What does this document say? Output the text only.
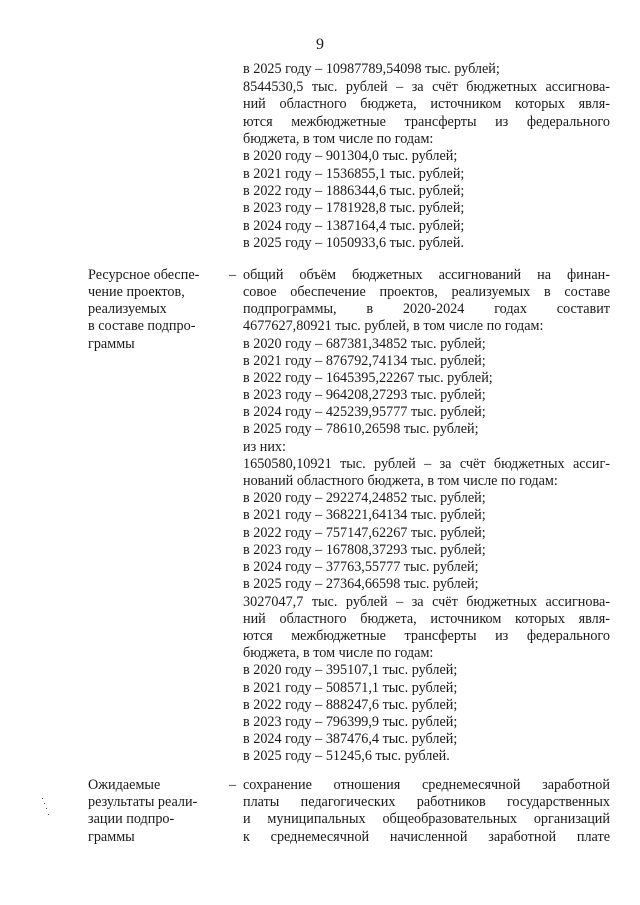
9
в 2025 году – 10987789,54098 тыс. рублей;
8544530,5 тыс. рублей – за счёт бюджетных ассигнова-
ний областного бюджета, источником которых явля-
ются межбюджетные трансферты из федерального
бюджета, в том числе по годам:
в 2020 году – 901304,0 тыс. рублей;
в 2021 году – 1536855,1 тыс. рублей;
в 2022 году – 1886344,6 тыс. рублей;
в 2023 году – 1781928,8 тыс. рублей;
в 2024 году – 1387164,4 тыс. рублей;
в 2025 году – 1050933,6 тыс. рублей.
Ресурсное обеспе-
чение проектов,
реализуемых
в составе подпро-
граммы
– общий объём бюджетных ассигнований на финан-
совое обеспечение проектов, реализуемых в составе
подпрограммы, в 2020-2024 годах составит
4677627,80921 тыс. рублей, в том числе по годам:
в 2020 году – 687381,34852 тыс. рублей;
в 2021 году – 876792,74134 тыс. рублей;
в 2022 году – 1645395,22267 тыс. рублей;
в 2023 году – 964208,27293 тыс. рублей;
в 2024 году – 425239,95777 тыс. рублей;
в 2025 году – 78610,26598 тыс. рублей;
из них:
1650580,10921 тыс. рублей – за счёт бюджетных ассиг-
нований областного бюджета, в том числе по годам:
в 2020 году – 292274,24852 тыс. рублей;
в 2021 году – 368221,64134 тыс. рублей;
в 2022 году – 757147,62267 тыс. рублей;
в 2023 году – 167808,37293 тыс. рублей;
в 2024 году – 37763,55777 тыс. рублей;
в 2025 году – 27364,66598 тыс. рублей;
3027047,7 тыс. рублей – за счёт бюджетных ассигнова-
ний областного бюджета, источником которых явля-
ются межбюджетные трансферты из федерального
бюджета, в том числе по годам:
в 2020 году – 395107,1 тыс. рублей;
в 2021 году – 508571,1 тыс. рублей;
в 2022 году – 888247,6 тыс. рублей;
в 2023 году – 796399,9 тыс. рублей;
в 2024 году – 387476,4 тыс. рублей;
в 2025 году – 51245,6 тыс. рублей.
Ожидаемые
результаты реали-
зации подпро-
граммы
– сохранение отношения среднемесячной заработной
платы педагогических работников государственных
и муниципальных общеобразовательных организаций
к среднемесячной начисленной заработной плате
